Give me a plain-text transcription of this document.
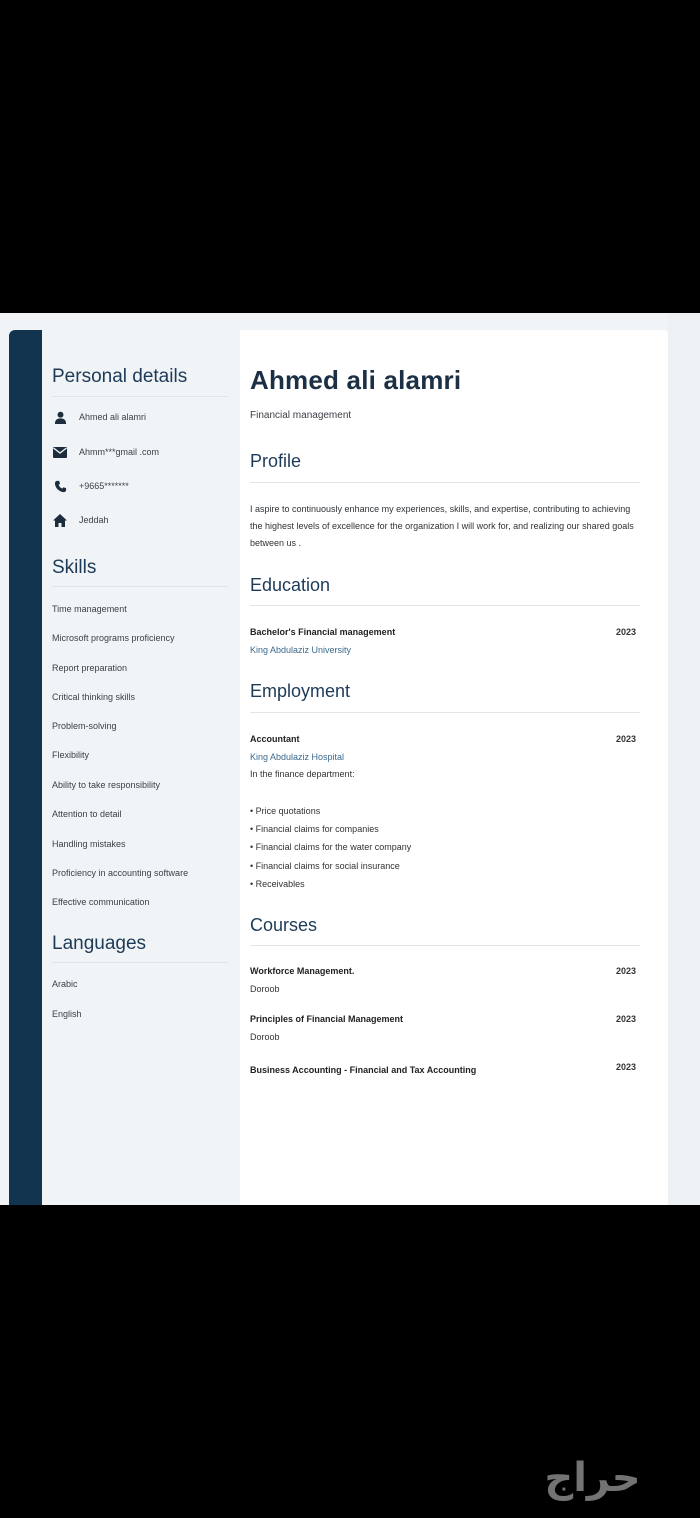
Personal details
Ahmed ali alamri
Ahmm***gmail .com
+9665*******
Jeddah
Skills
Time management
Microsoft programs proficiency
Report preparation
Critical thinking skills
Problem-solving
Flexibility
Ability to take responsibility
Attention to detail
Handling mistakes
Proficiency in accounting software
Effective communication
Languages
Arabic
English
Ahmed ali alamri
Financial management
Profile
I aspire to continuously enhance my experiences, skills, and expertise, contributing to achieving the highest levels of excellence for the organization I will work for, and realizing our shared goals between us .
Education
Bachelor's Financial management	2023
King Abdulaziz University
Employment
Accountant	2023
King Abdulaziz Hospital
In the finance department:
• Price quotations
• Financial claims for companies
• Financial claims for the water company
• Financial claims for social insurance
• Receivables
Courses
Workforce Management.	2023
Doroob
Principles of Financial Management	2023
Doroob
Business Accounting - Financial and Tax Accounting	2023
حراج
